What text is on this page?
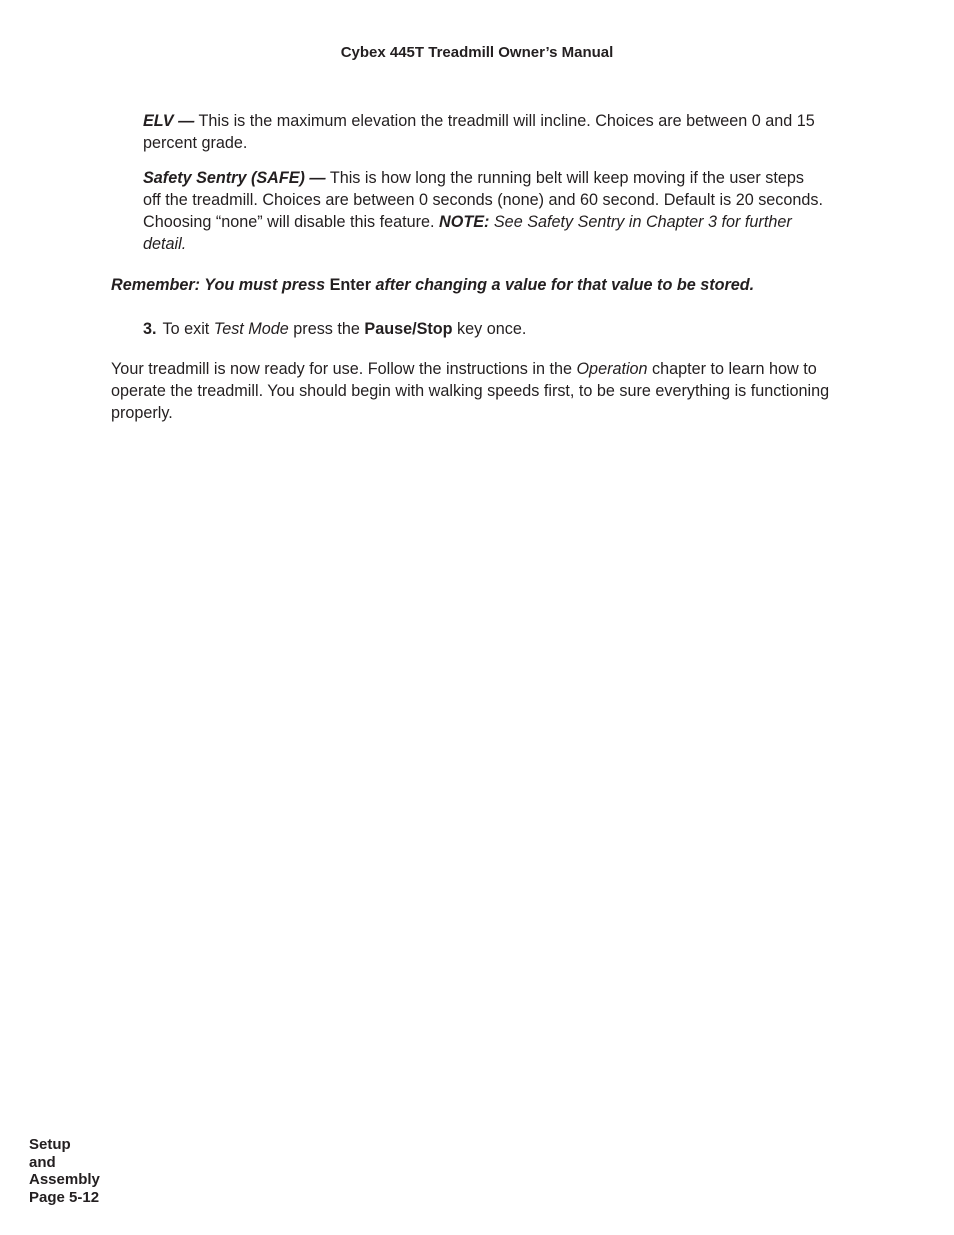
Cybex 445T Treadmill Owner’s Manual

ELV — This is the maximum elevation the treadmill will incline. Choices are between 0 and 15 percent grade.

Safety Sentry (SAFE) — This is how long the running belt will keep moving if the user steps off the treadmill. Choices are between 0 seconds (none) and 60 second. Default is 20 seconds. Choosing “none” will disable this feature. NOTE: See Safety Sentry in Chapter 3 for further detail.

Remember: You must press Enter after changing a value for that value to be stored.
3. To exit Test Mode press the Pause/Stop key once.
Your treadmill is now ready for use. Follow the instructions in the Operation chapter to learn how to operate the treadmill. You should begin with walking speeds first, to be sure everything is functioning properly.
Setup
and
Assembly
Page 5-12
